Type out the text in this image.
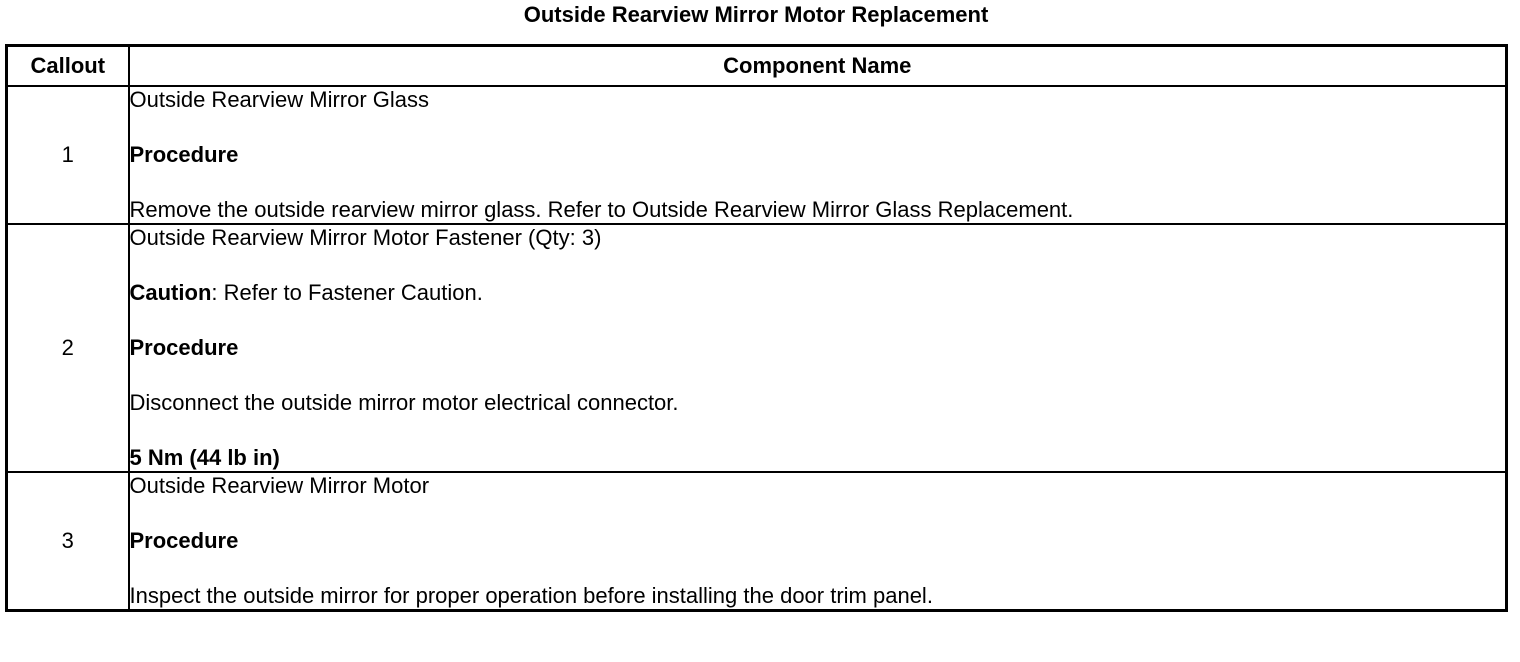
Outside Rearview Mirror Motor Replacement
Callout	Component Name
1	Outside Rearview Mirror Glass

Procedure

Remove the outside rearview mirror glass. Refer to Outside Rearview Mirror Glass Replacement.

2	Outside Rearview Mirror Motor Fastener (Qty: 3)

Caution: Refer to Fastener Caution.

Procedure

Disconnect the outside mirror motor electrical connector.

5 Nm (44 lb in)

3	Outside Rearview Mirror Motor

Procedure

Inspect the outside mirror for proper operation before installing the door trim panel.
